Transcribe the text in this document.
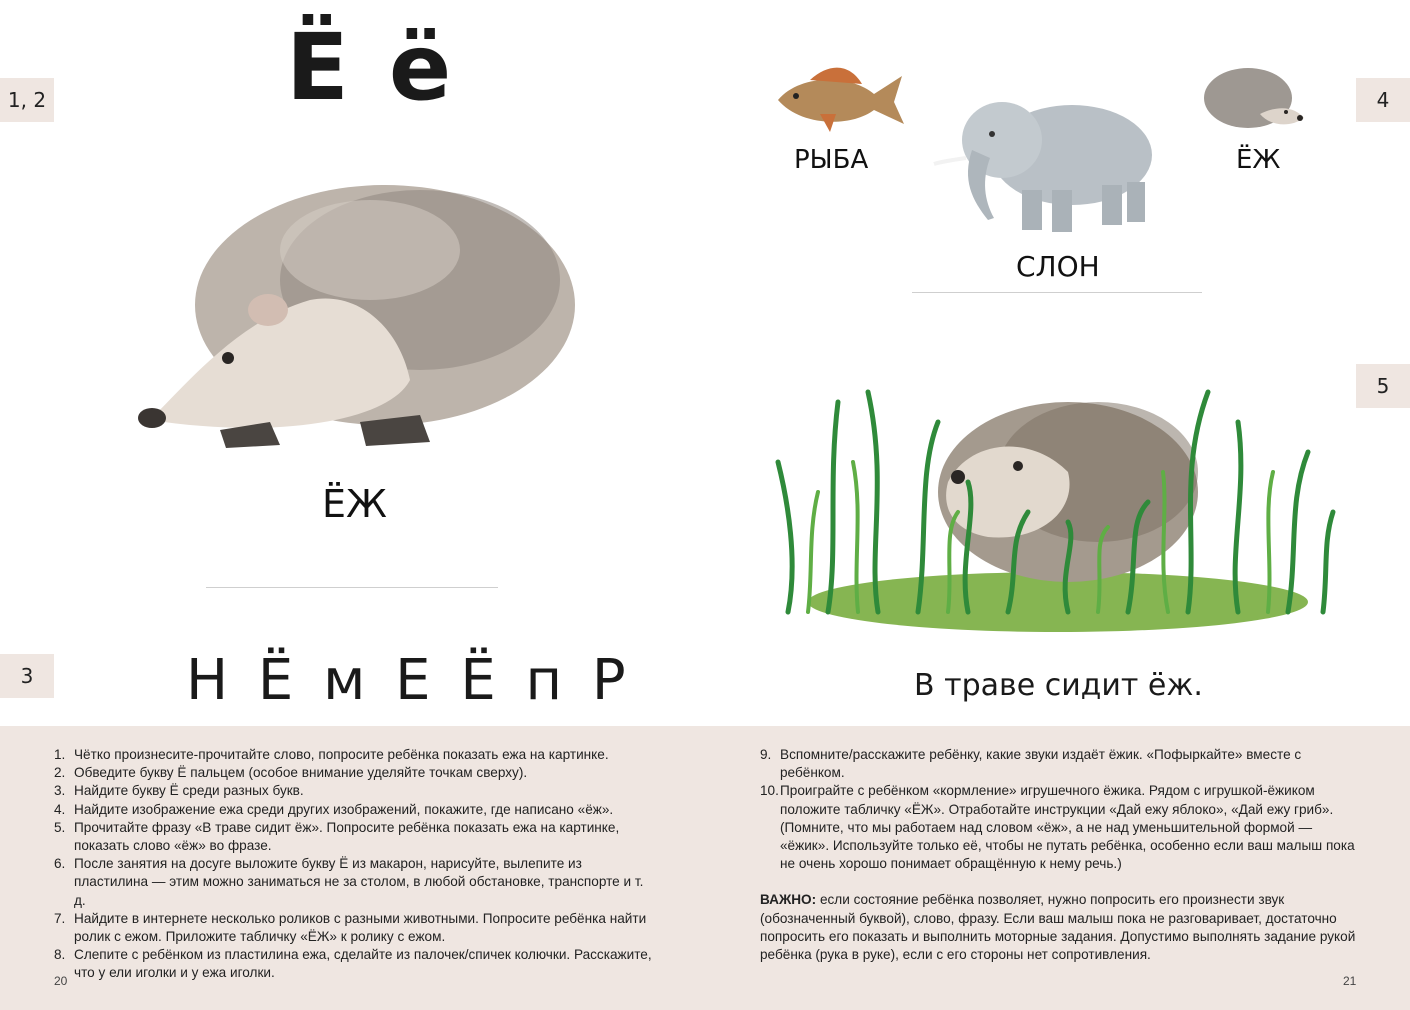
1, 2
3
4
5
Ё ё
ЁЖ
Н Ё м Е Ё п Р
РЫБА
СЛОН
ЁЖ
В траве сидит ёж.
1. Чётко произнесите-прочитайте слово, попросите ребёнка показать ежа на картинке.
2. Обведите букву Ё пальцем (особое внимание уделяйте точкам сверху).
3. Найдите букву Ё среди разных букв.
4. Найдите изображение ежа среди других изображений, покажите, где написано «ёж».
5. Прочитайте фразу «В траве сидит ёж». Попросите ребёнка показать ежа на картинке, показать слово «ёж» во фразе.
6. После занятия на досуге выложите букву Ё из макарон, нарисуйте, вылепите из пластилина — этим можно заниматься не за столом, в любой обстановке, транспорте и т. д.
7. Найдите в интернете несколько роликов с разными животными. Попросите ребёнка найти ролик с ежом. Приложите табличку «ЁЖ» к ролику с ежом.
8. Слепите с ребёнком из пластилина ежа, сделайте из палочек/спичек колючки. Расскажите, что у ели иголки и у ежа иголки.
9. Вспомните/расскажите ребёнку, какие звуки издаёт ёжик. «Пофыркайте» вместе с ребёнком.
10. Проиграйте с ребёнком «кормление» игрушечного ёжика. Рядом с игрушкой-ёжиком положите табличку «ЁЖ». Отработайте инструкции «Дай ежу яблоко», «Дай ежу гриб». (Помните, что мы работаем над словом «ёж», а не над уменьшительной формой — «ёжик». Используйте только её, чтобы не путать ребёнка, особенно если ваш малыш пока не очень хорошо понимает обращённую к нему речь.)
ВАЖНО: если состояние ребёнка позволяет, нужно попросить его произнести звук (обозначенный буквой), слово, фразу. Если ваш малыш пока не разговаривает, достаточно попросить его показать и выполнить моторные задания. Допустимо выполнять задание рукой ребёнка (рука в руке), если с его стороны нет сопротивления.
20	21
